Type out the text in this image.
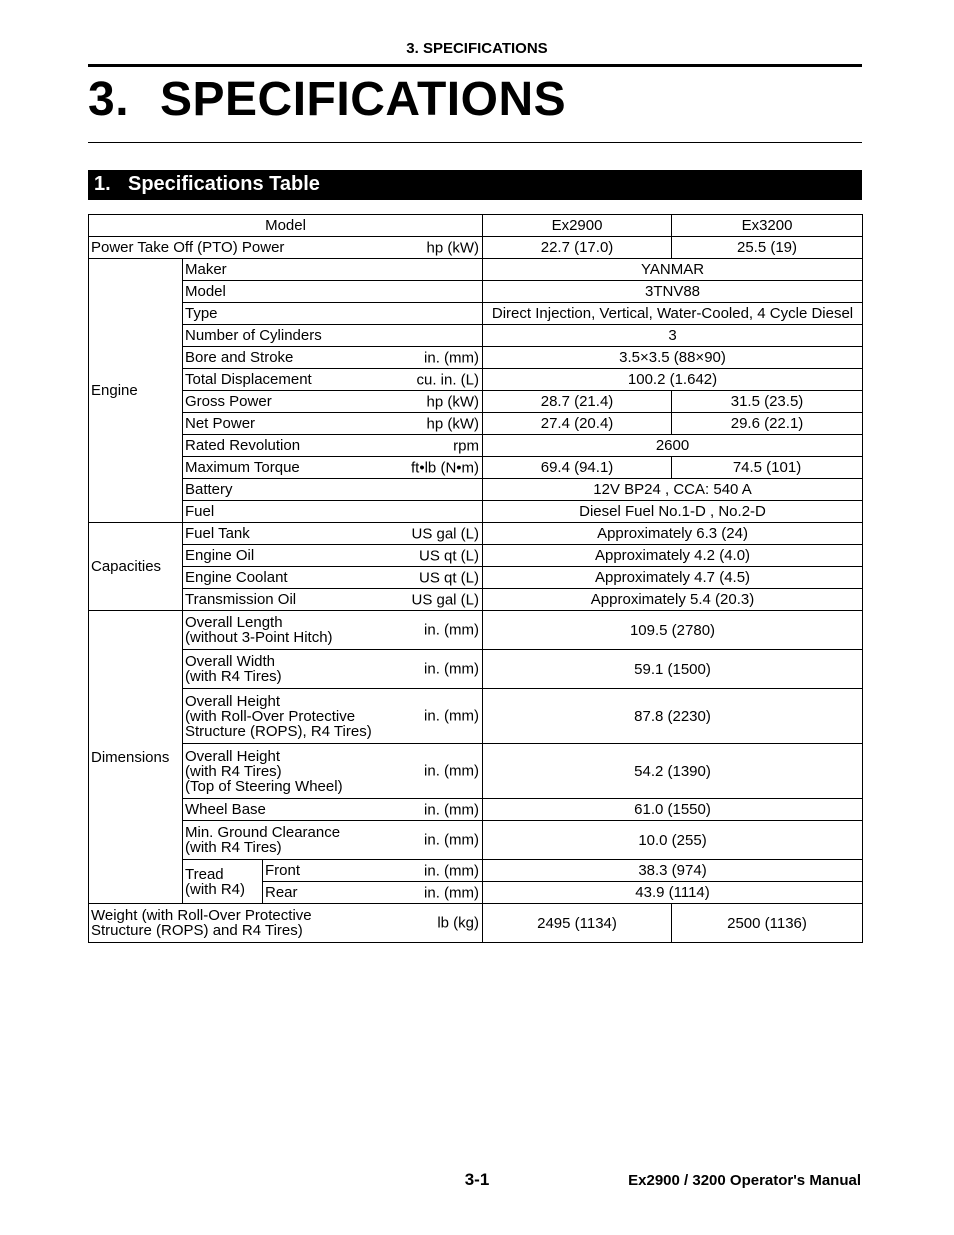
3. SPECIFICATIONS
3. SPECIFICATIONS
1. Specifications Table
Model			Ex2900	Ex3200

Power Take Off (PTO) Power hp (kW)			22.7 (17.0)	25.5 (19)
Engine	Maker		YANMAR	
	Model		3TNV88	
	Type		Direct Injection, Vertical, Water-Cooled, 4 Cycle Diesel	
	Number of Cylinders		3	

	Bore and Stroke in. (mm)		3.5×3.5 (88×90)	

	Total Displacement cu. in. (L)		100.2 (1.642)	

	Gross Power hp (kW)		28.7 (21.4)	31.5 (23.5)

	Net Power hp (kW)		27.4 (20.4)	29.6 (22.1)

	Rated Revolution rpm		2600	

	Maximum Torque ft•lb (N•m)		69.4 (94.1)	74.5 (101)
	Battery		12V BP24 , CCA: 540 A	
	Fuel		Diesel Fuel No.1-D , No.2-D	
Capacities	Fuel Tank US gal (L)		Approximately 6.3 (24)	

	Engine Oil US qt (L)		Approximately 4.2 (4.0)	

	Engine Coolant US qt (L)		Approximately 4.7 (4.5)	

	Transmission Oil US gal (L)		Approximately 5.4 (20.3)	
Dimensions	Overall Length
(without 3-Point Hitch) in. (mm)		109.5 (2780)	

	Overall Width
(with R4 Tires) in. (mm)		59.1 (1500)	

	Overall Height
(with Roll-Over Protective
Structure (ROPS), R4 Tires)
in. (mm)		87.8 (2230)	

	Overall Height
(with R4 Tires)
(Top of Steering Wheel)
in. (mm)		54.2 (1390)	

	Wheel Base in. (mm)		61.0 (1550)	

	Min. Ground Clearance
(with R4 Tires) in. (mm)		10.0 (255)	

	Tread
(with R4)	Front in. (mm)	38.3 (974)	

		Rear in. (mm)	43.9 (1114)	

Weight (with Roll-Over Protective
Structure (ROPS) and R4 Tires) lb (kg)			2495 (1134)	2500 (1136)
3-1	Ex2900 / 3200 Operator's Manual
